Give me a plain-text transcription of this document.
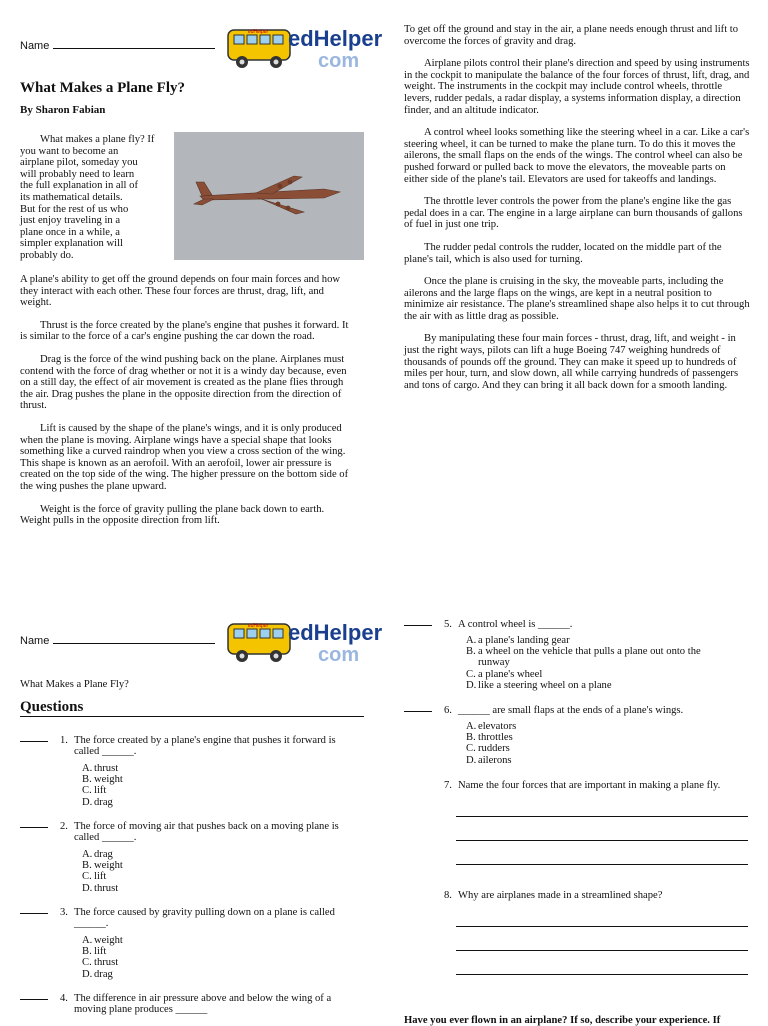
Name
edHelper edHelper
com
What Makes a Plane Fly?
By Sharon Fabian
What makes a plane fly? If
you want to become an
airplane pilot, someday you
will probably need to learn
the full explanation in all of
its mathematical details.
But for the rest of us who
just enjoy traveling in a
plane once in a while, a
simpler explanation will
probably do.

A plane's ability to get off the ground depends on four main forces and how they interact with each other. These four forces are thrust, drag, lift, and weight.

Thrust is the force created by the plane's engine that pushes it forward. It is similar to the force of a car's engine pushing the car down the road.

Drag is the force of the wind pushing back on the plane. Airplanes must contend with the force of drag whether or not it is a windy day because, even on a still day, the effect of air movement is created as the plane flies through the air. Drag pushes the plane in the opposite direction from the direction of thrust.

Lift is caused by the shape of the plane's wings, and it is only produced when the plane is moving. Airplane wings have a special shape that looks something like a curved raindrop when you view a cross section of the wing. This shape is known as an aerofoil. With an aerofoil, lower air pressure is created on the top side of the wing. The higher pressure on the bottom side of the wing pushes the plane upward.

Weight is the force of gravity pulling the plane back down to earth. Weight pulls in the opposite direction from lift.

To get off the ground and stay in the air, a plane needs enough thrust and lift to overcome the forces of gravity and drag.

Airplane pilots control their plane's direction and speed by using instruments in the cockpit to manipulate the balance of the four forces of thrust, lift, drag, and weight. The instruments in the cockpit may include control wheels, throttle levers, rudder pedals, a radar display, a systems information display, a direction finder, and an altitude indicator.

A control wheel looks something like the steering wheel in a car. Like a car's steering wheel, it can be turned to make the plane turn. To do this it moves the ailerons, the small flaps on the ends of the wings. The control wheel can also be pushed forward or pulled back to move the elevators, the moveable parts on either side of the plane's tail. Elevators are used for takeoffs and landings.

The throttle lever controls the power from the plane's engine like the gas pedal does in a car. The engine in a large airplane can burn thousands of gallons of fuel in just one trip.

The rudder pedal controls the rudder, located on the middle part of the plane's tail, which is also used for turning.

Once the plane is cruising in the sky, the moveable parts, including the ailerons and the large flaps on the wings, are kept in a neutral position to minimize air resistance. The plane's streamlined shape also helps it to cut through the air with as little drag as possible.

By manipulating these four main forces - thrust, drag, lift, and weight - in just the right ways, pilots can lift a huge Boeing 747 weighing hundreds of thousands of pounds off the ground. They can make it speed up to hundreds of miles per hour, turn, and slow down, all while carrying hundreds of passengers and tons of cargo. And they can bring it all back down for a smooth landing.

Name
edHelper edHelper
com
What Makes a Plane Fly?
Questions
1. The force created by a plane's engine that pushes it forward is
called ______.
A. thrust
B. weight
C. lift
D. drag
2. The force of moving air that pushes back on a moving plane is
called ______.
A. drag
B. weight
C. lift
D. thrust
3. The force caused by gravity pulling down on a plane is called
______.
A. weight
B. lift
C. thrust
D. drag
4. The difference in air pressure above and below the wing of a
moving plane produces ______
5. A control wheel is ______.
A. a plane's landing gear
B. a wheel on the vehicle that pulls a plane out onto the
runway
C. a plane's wheel
D. like a steering wheel on a plane
6. ______ are small flaps at the ends of a plane's wings.
A. elevators
B. throttles
C. rudders
D. ailerons
7. Name the four forces that are important in making a plane fly.
8. Why are airplanes made in a streamlined shape?
Have you ever flown in an airplane? If so, describe your experience. If
